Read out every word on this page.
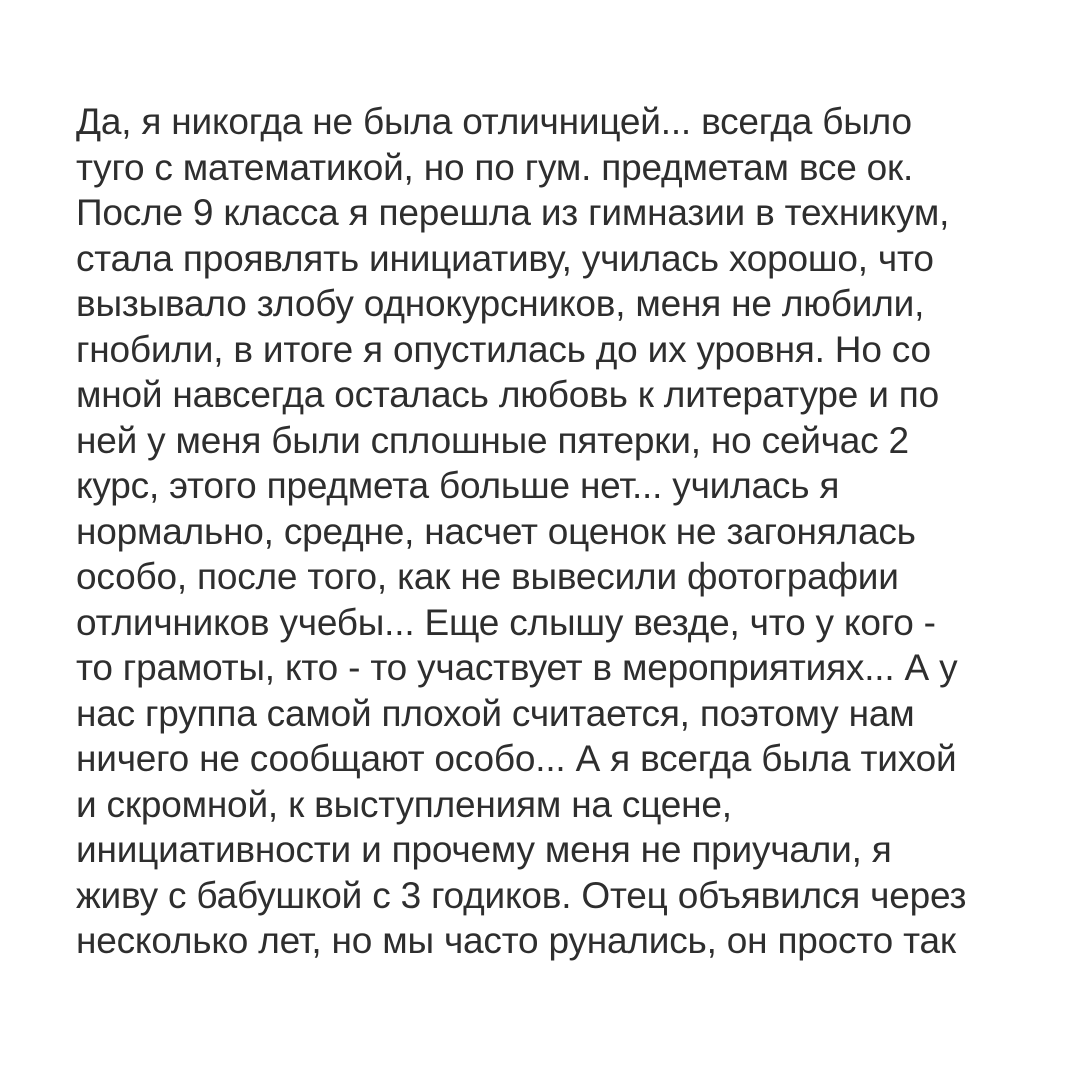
Да, я никогда не была отличницей... всегда было
туго с математикой, но по гум. предметам все ок.
После 9 класса я перешла из гимназии в техникум,
стала проявлять инициативу, училась хорошо, что
вызывало злобу однокурсников, меня не любили,
гнобили, в итоге я опустилась до их уровня. Но со
мной навсегда осталась любовь к литературе и по
ней у меня были сплошные пятерки, но сейчас 2
курс, этого предмета больше нет... училась я
нормально, средне, насчет оценок не загонялась
особо, после того, как не вывесили фотографии
отличников учебы... Еще слышу везде, что у кого -
то грамоты, кто - то участвует в мероприятиях... А у
нас группа самой плохой считается, поэтому нам
ничего не сообщают особо... А я всегда была тихой
и скромной, к выступлениям на сцене,
инициативности и прочему меня не приучали, я
живу с бабушкой с 3 годиков. Отец объявился через
несколько лет, но мы часто руналиcь, он просто так
